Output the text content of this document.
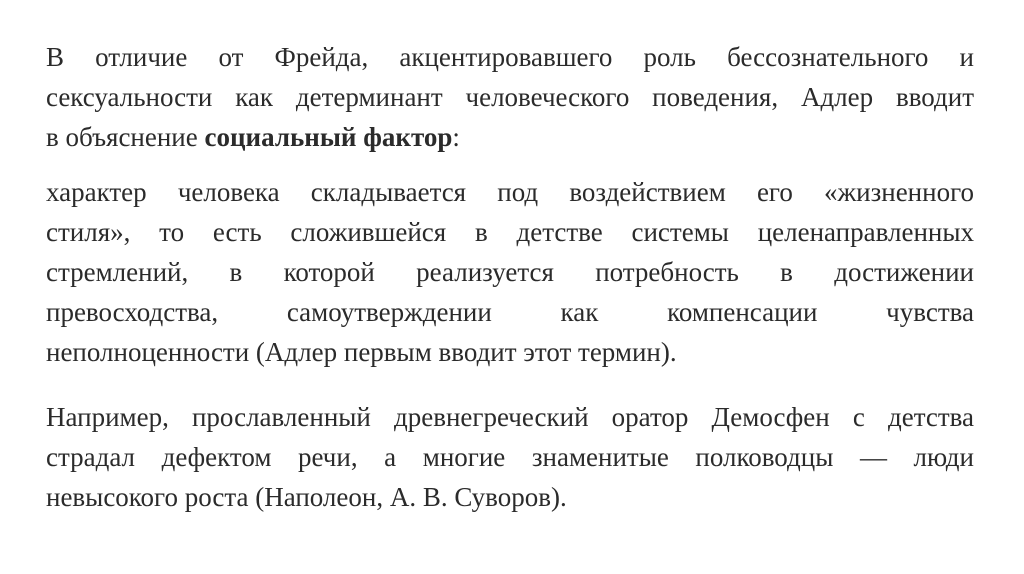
В отличие от Фрейда, акцентировавшего роль бессознательного и
сексуальности как детерминант человеческого поведения, Адлер вводит
в объяснение социальный фактор:
характер человека складывается под воздействием его «жизненного
стиля», то есть сложившейся в детстве системы целенаправленных
стремлений, в которой реализуется потребность в достижении
превосходства, самоутверждении как компенсации чувства
неполноценности (Адлер первым вводит этот термин).
Например, прославленный древнегреческий оратор Демосфен с детства
страдал дефектом речи, а многие знаменитые полководцы — люди
невысокого роста (Наполеон, А. В. Суворов).
